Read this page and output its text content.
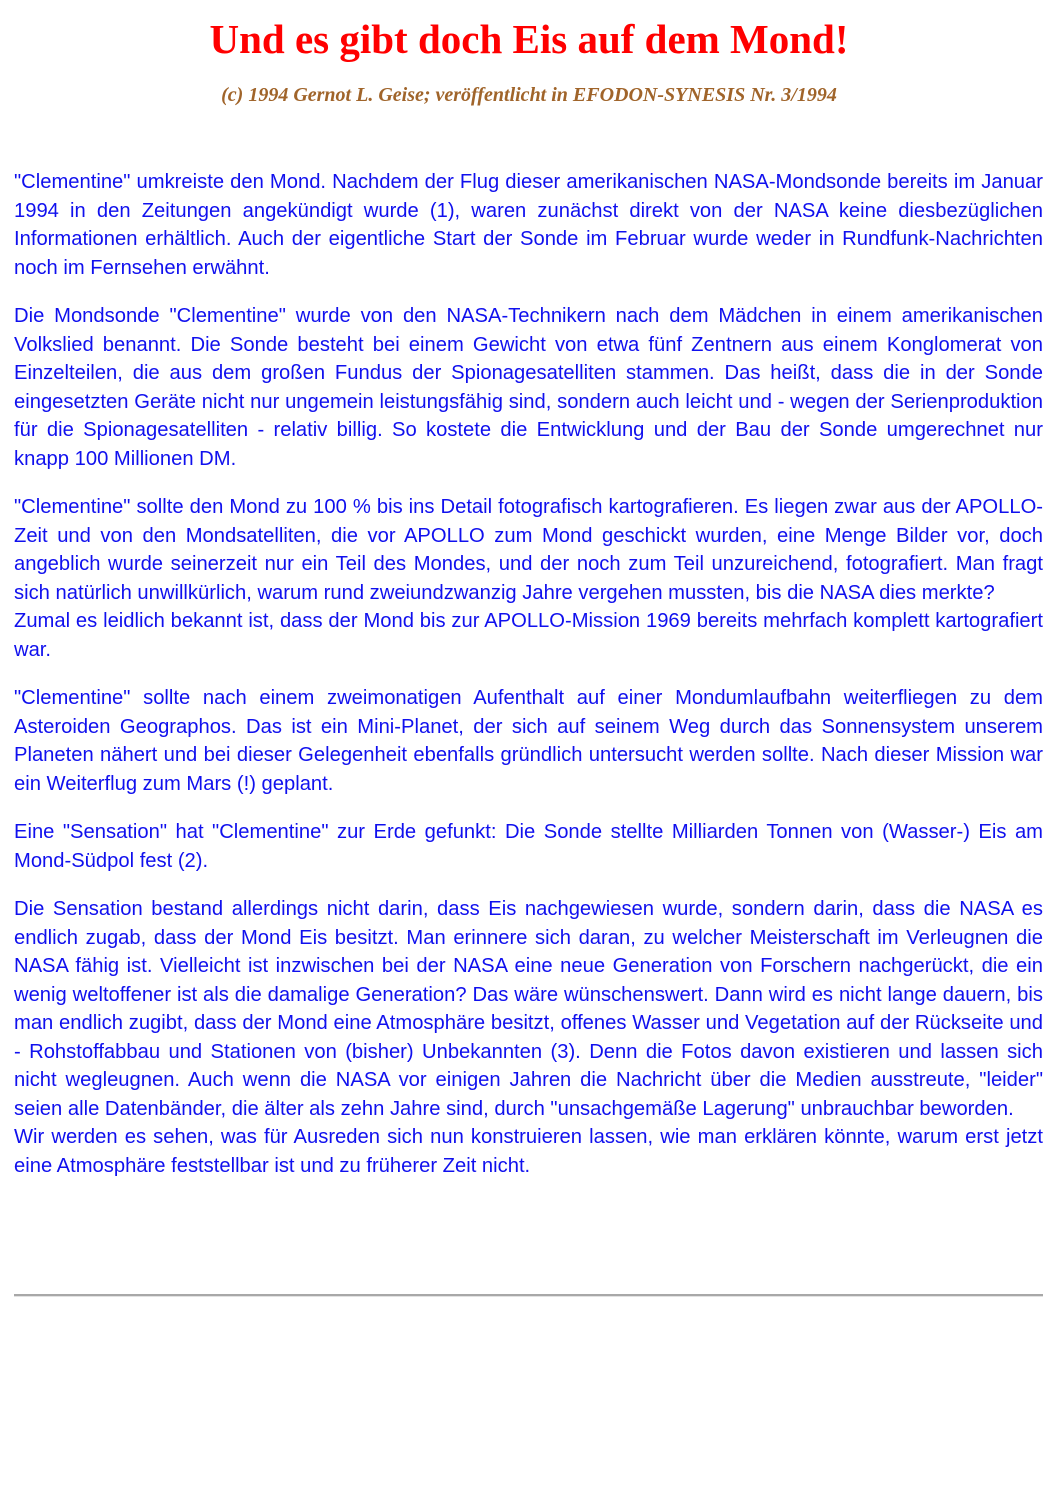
Und es gibt doch Eis auf dem Mond!

(c) 1994 Gernot L. Geise; veröffentlicht in EFODON-SYNESIS Nr. 3/1994

"Clementine" umkreiste den Mond. Nachdem der Flug dieser amerikanischen NASA-Mondsonde bereits im Januar 1994 in den Zeitungen angekündigt wurde (1), waren zunächst direkt von der NASA keine diesbezüglichen Informationen erhältlich. Auch der eigentliche Start der Sonde im Februar wurde weder in Rundfunk-Nachrichten noch im Fernsehen erwähnt.

Die Mondsonde "Clementine" wurde von den NASA-Technikern nach dem Mädchen in einem amerikanischen Volkslied benannt. Die Sonde besteht bei einem Gewicht von etwa fünf Zentnern aus einem Konglomerat von Einzelteilen, die aus dem großen Fundus der Spionagesatelliten stammen. Das heißt, dass die in der Sonde eingesetzten Geräte nicht nur ungemein leistungsfähig sind, sondern auch leicht und - wegen der Serienproduktion für die Spionagesatelliten - relativ billig. So kostete die Entwicklung und der Bau der Sonde umgerechnet nur knapp 100 Millionen DM.

"Clementine" sollte den Mond zu 100 % bis ins Detail fotografisch kartografieren. Es liegen zwar aus der APOLLO-Zeit und von den Mondsatelliten, die vor APOLLO zum Mond geschickt wurden, eine Menge Bilder vor, doch angeblich wurde seinerzeit nur ein Teil des Mondes, und der noch zum Teil unzureichend, fotografiert. Man fragt sich natürlich unwillkürlich, warum rund zweiundzwanzig Jahre vergehen mussten, bis die NASA dies merkte?
Zumal es leidlich bekannt ist, dass der Mond bis zur APOLLO-Mission 1969 bereits mehrfach komplett kartografiert war.

"Clementine" sollte nach einem zweimonatigen Aufenthalt auf einer Mondumlaufbahn weiterfliegen zu dem Asteroiden Geographos. Das ist ein Mini-Planet, der sich auf seinem Weg durch das Sonnensystem unserem Planeten nähert und bei dieser Gelegenheit ebenfalls gründlich untersucht werden sollte. Nach dieser Mission war ein Weiterflug zum Mars (!) geplant.

Eine "Sensation" hat "Clementine" zur Erde gefunkt: Die Sonde stellte Milliarden Tonnen von (Wasser-) Eis am Mond-Südpol fest (2).

Die Sensation bestand allerdings nicht darin, dass Eis nachgewiesen wurde, sondern darin, dass die NASA es endlich zugab, dass der Mond Eis besitzt. Man erinnere sich daran, zu welcher Meisterschaft im Verleugnen die NASA fähig ist. Vielleicht ist inzwischen bei der NASA eine neue Generation von Forschern nachgerückt, die ein wenig weltoffener ist als die damalige Generation? Das wäre wünschenswert. Dann wird es nicht lange dauern, bis man endlich zugibt, dass der Mond eine Atmosphäre besitzt, offenes Wasser und Vegetation auf der Rückseite und - Rohstoffabbau und Stationen von (bisher) Unbekannten (3). Denn die Fotos davon existieren und lassen sich nicht wegleugnen. Auch wenn die NASA vor einigen Jahren die Nachricht über die Medien ausstreute, "leider" seien alle Datenbänder, die älter als zehn Jahre sind, durch "unsachgemäße Lagerung" unbrauchbar beworden.
Wir werden es sehen, was für Ausreden sich nun konstruieren lassen, wie man erklären könnte, warum erst jetzt eine Atmosphäre feststellbar ist und zu früherer Zeit nicht.
